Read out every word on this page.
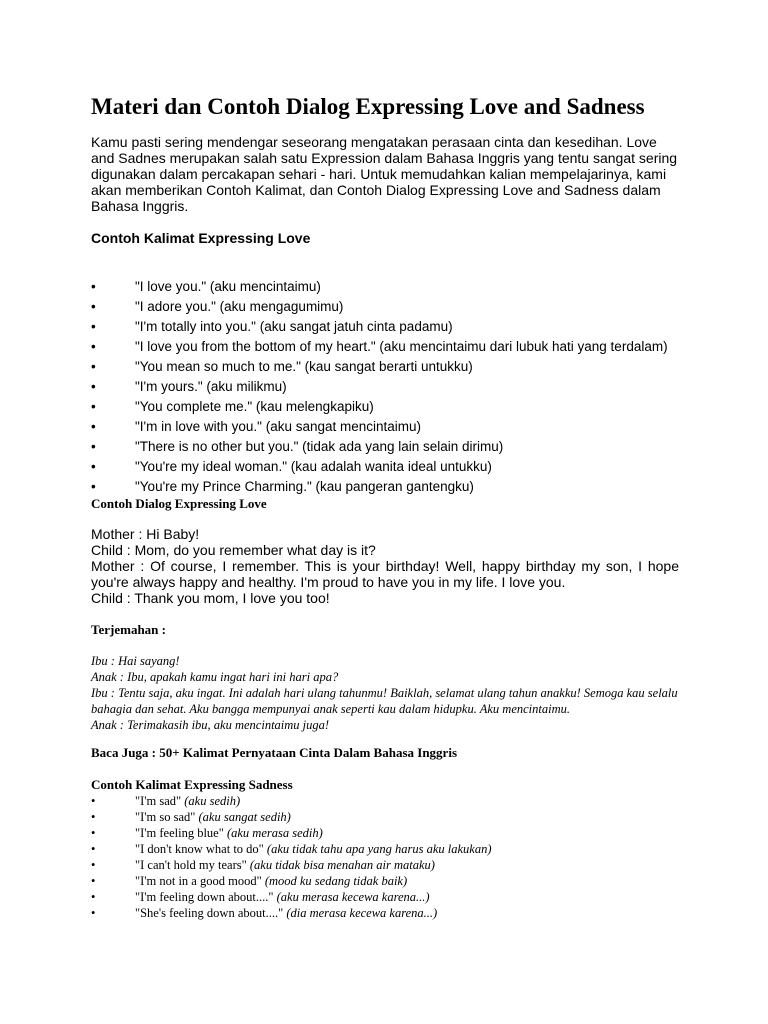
Materi dan Contoh Dialog Expressing Love and Sadness

Kamu pasti sering mendengar seseorang mengatakan perasaan cinta dan kesedihan. Love and Sadnes merupakan salah satu Expression dalam Bahasa Inggris yang tentu sangat sering digunakan dalam percakapan sehari - hari. Untuk memudahkan kalian mempelajarinya, kami akan memberikan Contoh Kalimat, dan Contoh Dialog Expressing Love and Sadness dalam Bahasa Inggris.

Contoh Kalimat Expressing Love
•	"I love you." (aku mencintaimu)
•	"I adore you." (aku mengagumimu)
•	"I'm totally into you." (aku sangat jatuh cinta padamu)
•	"I love you from the bottom of my heart." (aku mencintaimu dari lubuk hati yang terdalam)
•	"You mean so much to me." (kau sangat berarti untukku)
•	"I'm yours." (aku milikmu)
•	"You complete me." (kau melengkapiku)
•	"I'm in love with you." (aku sangat mencintaimu)
•	"There is no other but you." (tidak ada yang lain selain dirimu)
•	"You're my ideal woman." (kau adalah wanita ideal untukku)
•	"You're my Prince Charming." (kau pangeran gantengku)
Contoh Dialog Expressing Love
Mother : Hi Baby!
Child : Mom, do you remember what day is it?
Mother : Of course, I remember. This is your birthday! Well, happy birthday my son, I hope you're always happy and healthy. I'm proud to have you in my life. I love you.
Child : Thank you mom, I love you too!
Terjemahan :
Ibu : Hai sayang!
Anak : Ibu, apakah kamu ingat hari ini hari apa?
Ibu : Tentu saja, aku ingat. Ini adalah hari ulang tahunmu! Baiklah, selamat ulang tahun anakku! Semoga kau selalu bahagia dan sehat. Aku bangga mempunyai anak seperti kau dalam hidupku. Aku mencintaimu.
Anak : Terimakasih ibu, aku mencintaimu juga!
Baca Juga : 50+ Kalimat Pernyataan Cinta Dalam Bahasa Inggris
Contoh Kalimat Expressing Sadness
•	"I'm sad" (aku sedih)
•	"I'm so sad" (aku sangat sedih)
•	"I'm feeling blue" (aku merasa sedih)
•	"I don't know what to do" (aku tidak tahu apa yang harus aku lakukan)
•	"I can't hold my tears" (aku tidak bisa menahan air mataku)
•	"I'm not in a good mood" (mood ku sedang tidak baik)
•	"I'm feeling down about...." (aku merasa kecewa karena...)
•	"She's feeling down about...." (dia merasa kecewa karena...)
